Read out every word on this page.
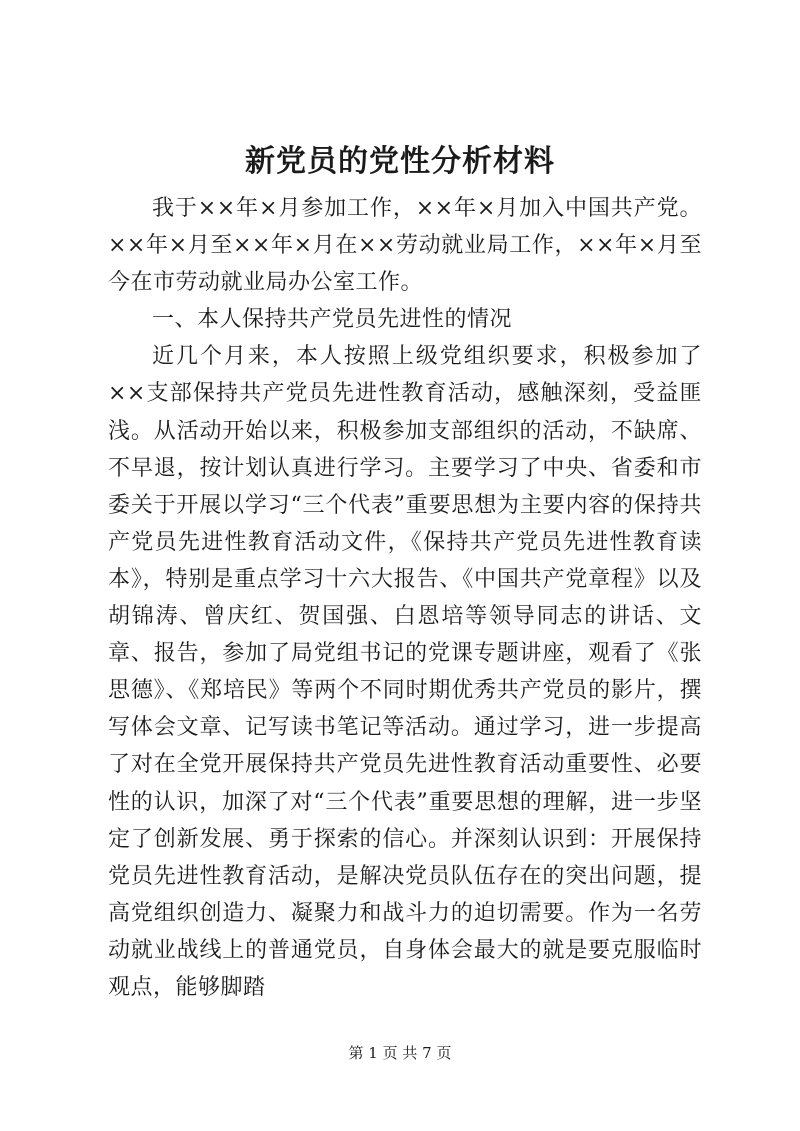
新党员的党性分析材料

我于××年×月参加工作，××年×月加入中国共产党。××年×月至××年×月在××劳动就业局工作，××年×月至今在市劳动就业局办公室工作。

一、本人保持共产党员先进性的情况

近几个月来，本人按照上级党组织要求，积极参加了××支部保持共产党员先进性教育活动，感触深刻，受益匪浅。从活动开始以来，积极参加支部组织的活动，不缺席、不早退，按计划认真进行学习。主要学习了中央、省委和市委关于开展以学习“三个代表”重要思想为主要内容的保持共产党员先进性教育活动文件，《保持共产党员先进性教育读本》，特别是重点学习十六大报告、《中国共产党章程》以及胡锦涛、曾庆红、贺国强、白恩培等领导同志的讲话、文章、报告，参加了局党组书记的党课专题讲座，观看了《张思德》、《郑培民》等两个不同时期优秀共产党员的影片，撰写体会文章、记写读书笔记等活动。通过学习，进一步提高了对在全党开展保持共产党员先进性教育活动重要性、必要性的认识，加深了对“三个代表”重要思想的理解，进一步坚定了创新发展、勇于探索的信心。并深刻认识到：开展保持党员先进性教育活动，是解决党员队伍存在的突出问题，提高党组织创造力、凝聚力和战斗力的迫切需要。作为一名劳动就业战线上的普通党员，自身体会最大的就是要克服临时观点，能够脚踏

第 1 页 共 7 页
